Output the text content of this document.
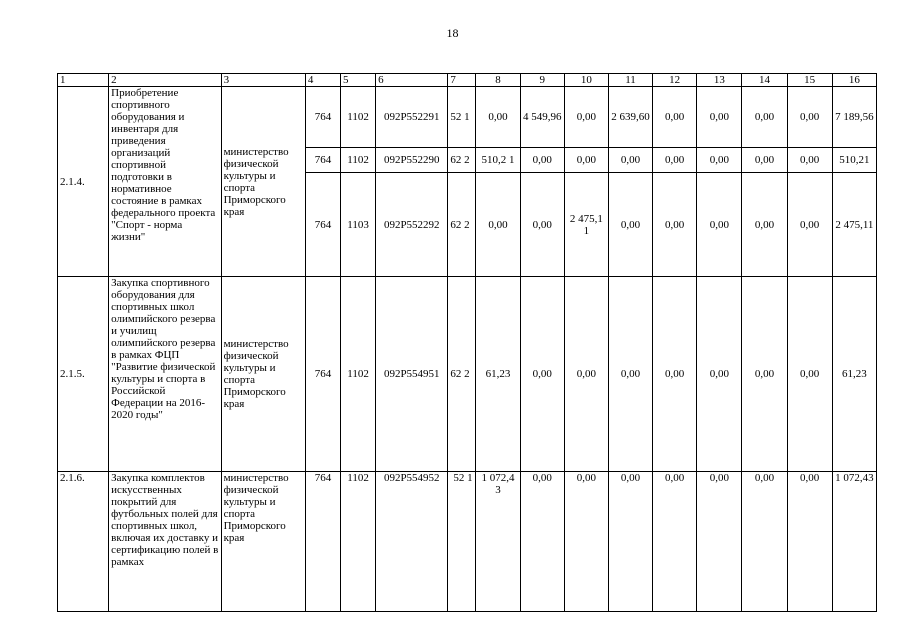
18
1	2	3	4	5	6	7	8	9	10	11	12	13	14	15	16
2.1.4.	Приобретение спортивного оборудования и инвентаря для приведения организаций спортивной подготовки в нормативное состояние в рамках федерального проекта "Спорт - норма жизни"	министерство физической культуры и спорта Приморского края	764	1102	092P552291	52 1	0,00	4 549,96	0,00	2 639,60	0,00	0,00	0,00	0,00	7 189,56
			764	1102	092P552290	62 2	510,2 1	0,00	0,00	0,00	0,00	0,00	0,00	0,00	510,21
			764	1103	092P552292	62 2	0,00	0,00	2 475,1 1	0,00	0,00	0,00	0,00	0,00	2 475,11
2.1.5.	Закупка спортивного оборудования для спортивных школ олимпийского резерва и училищ олимпийского резерва в рамках ФЦП "Развитие физической культуры и спорта в Российской Федерации на 2016-2020 годы"	министерство физической культуры и спорта Приморского края	764	1102	092P554951	62 2	61,23	0,00	0,00	0,00	0,00	0,00	0,00	0,00	61,23
2.1.6.	Закупка комплектов искусственных покрытий для футбольных полей для спортивных школ, включая их доставку и сертификацию полей в рамках	министерство физической культуры и спорта Приморского края	764	1102	092P554952	52 1	1 072,4 3	0,00	0,00	0,00	0,00	0,00	0,00	0,00	1 072,43
